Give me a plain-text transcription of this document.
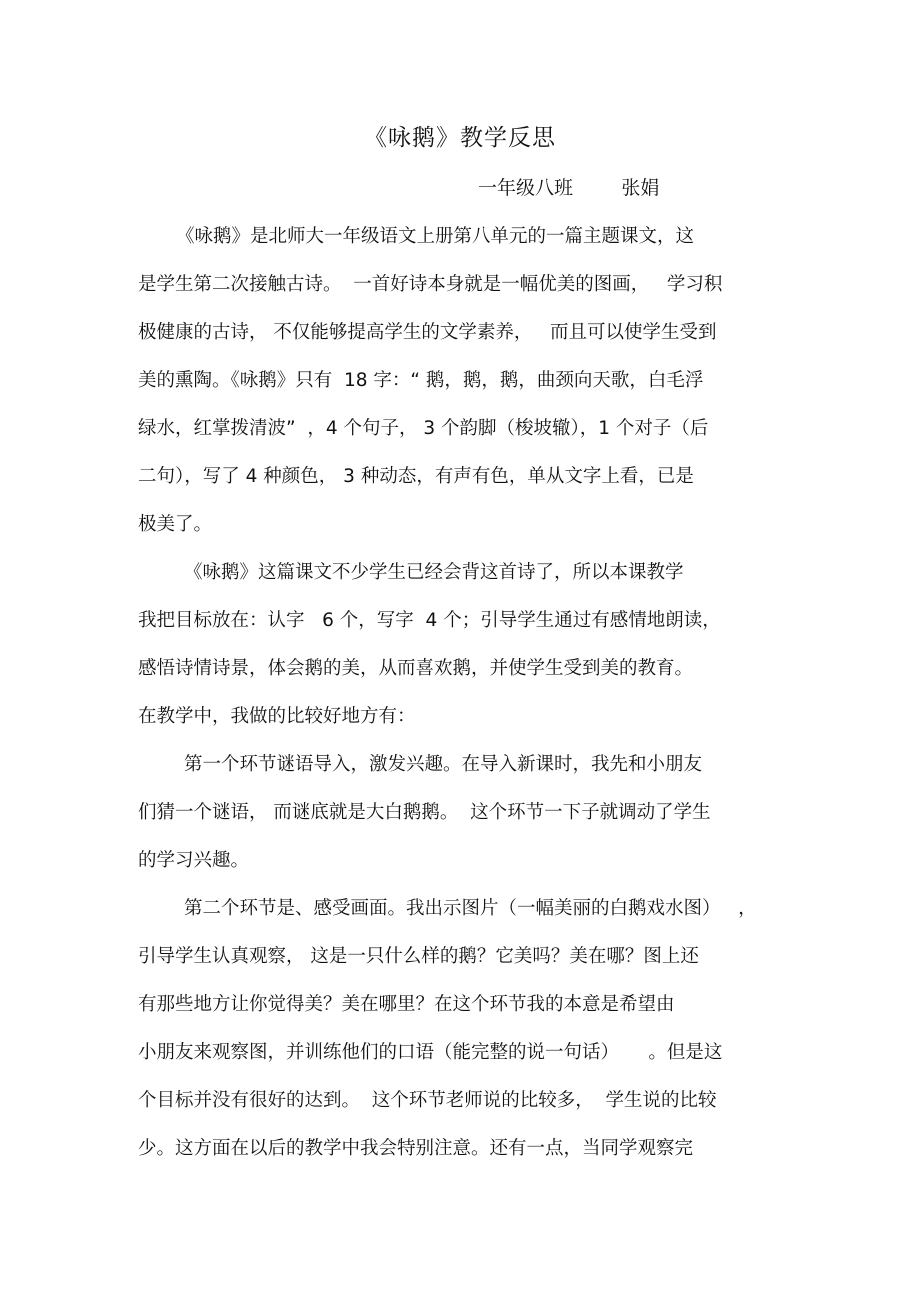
《咏鹅》教学反思
一年级八班	张娟
《咏鹅》是北师大一年级语文上册第八单元的一篇主题课文，这
是学生第二次接触古诗。  一首好诗本身就是一幅优美的图画，   学习积
极健康的古诗， 不仅能够提高学生的文学素养，   而且可以使学生受到
美的熏陶。《咏鹅》只有  18 字：“ 鹅，鹅，鹅，曲颈向天歌，白毛浮
绿水，红掌拨清波”  ，4 个句子， 3 个韵脚（梭坡辙），1 个对子（后
二句），写了 4 种颜色， 3 种动态，有声有色，单从文字上看，已是
极美了。
《咏鹅》这篇课文不少学生已经会背这首诗了，所以本课教学
我把目标放在：认字   6 个，写字  4 个；引导学生通过有感情地朗读，
感悟诗情诗景，体会鹅的美，从而喜欢鹅，并使学生受到美的教育。
在教学中，我做的比较好地方有：
第一个环节谜语导入，激发兴趣。在导入新课时，我先和小朋友
们猜一个谜语， 而谜底就是大白鹅鹅。  这个环节一下子就调动了学生
的学习兴趣。
第二个环节是、感受画面。我出示图片（一幅美丽的白鹅戏水图）   ，
引导学生认真观察， 这是一只什么样的鹅？它美吗？美在哪？图上还
有那些地方让你觉得美？美在哪里？在这个环节我的本意是希望由
小朋友来观察图，并训练他们的口语（能完整的说一句话）     。但是这
个目标并没有很好的达到。  这个环节老师说的比较多，  学生说的比较
少。这方面在以后的教学中我会特别注意。还有一点，当同学观察完
